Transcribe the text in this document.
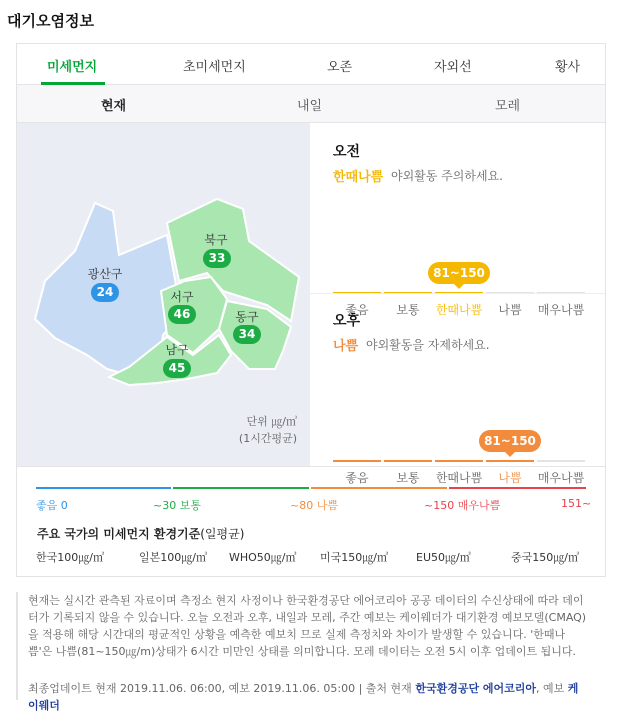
대기오염정보
미세먼지	초미세먼지	오존	자외선	황사
현재	내일	모레
광산구
24
북구
33
서구
46	동구
34
남구
45
단위 ㎍/㎥
(1시간평균)
오전
한때나쁨 야외활동 주의하세요.
81~150
좋음	보통	한때나쁨	나쁨	매우나쁨
오후
나쁨 야외활동을 자제하세요.
81~150
좋음	보통	한때나쁨	나쁨	매우나쁨
좋음 0	~30 보통	~80 나쁨	~150 매우나쁨	151~
주요 국가의 미세먼지 환경기준(일평균)
한국100㎍/㎥	일본100㎍/㎥ WHO50㎍/㎥ 미국150㎍/㎥	EU50㎍/㎥	중국150㎍/㎥
현재는 실시간 관측된 자료이며 측정소 현지 사정이나 한국환경공단 에어코리아 공공 데이터의 수신상태에 따라 데이터가 기록되지 않을 수 있습니다. 오늘 오전과 오후, 내일과 모레, 주간 예보는 케이웨더가 대기환경 예보모델(CMAQ)을 적용해 해당 시간대의 평균적인 상황을 예측한 예보치 므로 실제 측정치와 차이가 발생할 수 있습니다. '한때나쁨'은 나쁨(81~150㎍/m)상태가 6시간 미만인 상태를 의미합니다. 모레 데이터는 오전 5시 이후 업데이트 됩니다.
최종업데이트 현재 2019.11.06. 06:00, 예보 2019.11.06. 05:00 | 출처 현재 한국환경공단 에어코리아, 예보 케이웨더
